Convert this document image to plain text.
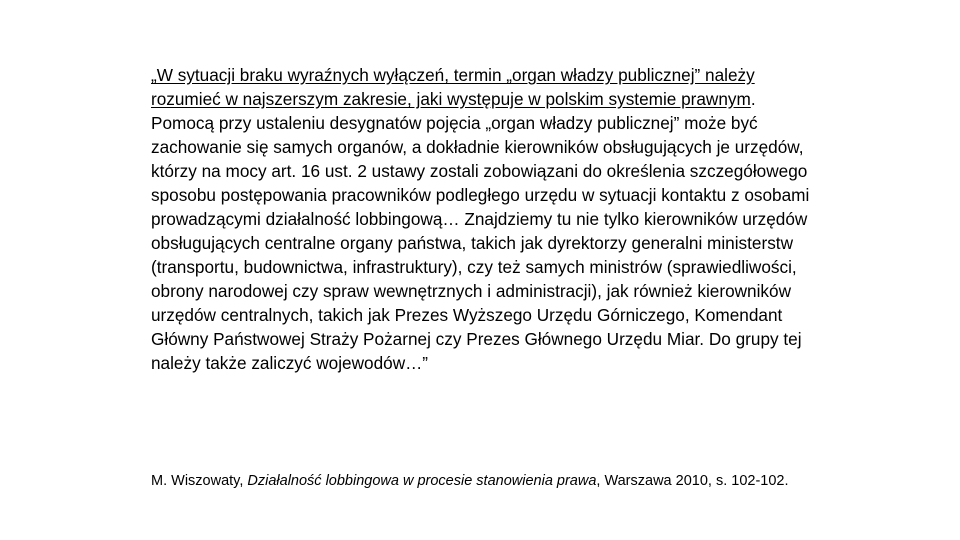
„W sytuacji braku wyraźnych wyłączeń, termin „organ władzy publicznej” należy rozumieć w najszerszym zakresie, jaki występuje w polskim systemie prawnym. Pomocą przy ustaleniu desygnatów pojęcia „organ władzy publicznej” może być zachowanie się samych organów, a dokładnie kierowników obsługujących je urzędów, którzy na mocy art. 16 ust. 2 ustawy zostali zobowiązani do określenia szczegółowego sposobu postępowania pracowników podległego urzędu w sytuacji kontaktu z osobami prowadzącymi działalność lobbingową… Znajdziemy tu nie tylko kierowników urzędów obsługujących centralne organy państwa, takich jak dyrektorzy generalni ministerstw (transportu, budownictwa, infrastruktury), czy też samych ministrów (sprawiedliwości, obrony narodowej czy spraw wewnętrznych i administracji), jak również kierowników urzędów centralnych, takich jak Prezes Wyższego Urzędu Górniczego, Komendant Główny Państwowej Straży Pożarnej czy Prezes Głównego Urzędu Miar. Do grupy tej należy także zaliczyć wojewodów…”

M. Wiszowaty, Działalność lobbingowa w procesie stanowienia prawa, Warszawa 2010, s. 102-102.
